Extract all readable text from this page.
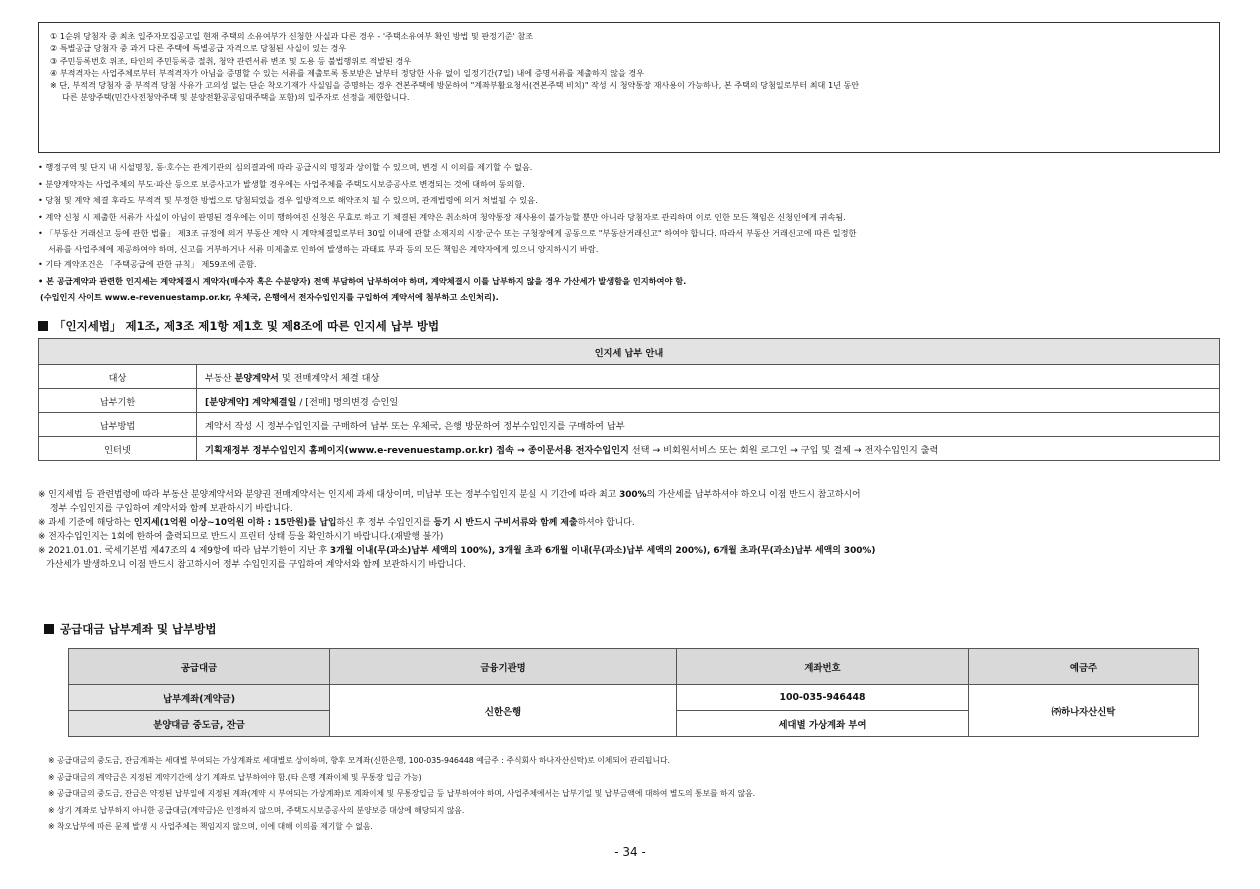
① 1순위 당첨자 중 최초 입주자모집공고일 현재 주택의 소유여부가 신청한 사실과 다른 경우 - '주택소유여부 확인 방법 및 판정기준' 참조
② 특별공급 당첨자 중 과거 다른 주택에 특별공급 자격으로 당첨된 사실이 있는 경우
③ 주민등록번호 위조, 타인의 주민등록증 절취, 청약 관련서류 변조 및 도용 등 불법행위로 적발된 경우
④ 부적격자는 사업주체로부터 부적격자가 아님을 증명할 수 있는 서류를 제출토록 통보받은 날부터 정당한 사유 없이 일정기간(7일) 내에 증명서류를 제출하지 않을 경우
※ 단, 부적격 당첨자 중 부적격 당첨 사유가 고의성 없는 단순 착오기재가 사실임을 증명하는 경우 견본주택에 방문하여 "계좌부활요청서(견본주택 비치)" 작성 시 청약통장 재사용이 가능하나, 본 주택의 당첨일로부터 최대 1년 동안
다른 분양주택(민간사전청약주택 및 분양전환공공임대주택을 포함)의 입주자로 선정을 제한합니다.
• 행정구역 및 단지 내 시설명칭, 동·호수는 관계기관의 심의결과에 따라 공급시의 명칭과 상이할 수 있으며, 변경 시 이의를 제기할 수 없음.
• 분양계약자는 사업주체의 부도·파산 등으로 보증사고가 발생할 경우에는 사업주체를 주택도시보증공사로 변경되는 것에 대하여 동의함.
• 당첨 및 계약 체결 후라도 부적격 및 부정한 방법으로 당첨되었을 경우 일방적으로 해약조치 될 수 있으며, 관계법령에 의거 처벌될 수 있음.
• 계약 신청 시 제출한 서류가 사실이 아님이 판명된 경우에는 이미 행하여진 신청은 무효로 하고 기 체결된 계약은 취소하며 청약통장 재사용이 불가능할 뿐만 아니라 당첨자로 관리하며 이로 인한 모든 책임은 신청인에게 귀속됨.
• 「부동산 거래신고 등에 관한 법률」 제3조 규정에 의거 부동산 계약 시 계약체결일로부터 30일 이내에 관할 소재지의 시장·군수 또는 구청장에게 공동으로 "부동산거래신고" 하여야 합니다. 따라서 부동산 거래신고에 따른 일정한
서류를 사업주체에 제공하여야 하며, 신고를 거부하거나 서류 미제출로 인하여 발생하는 과태료 부과 등의 모든 책임은 계약자에게 있으니 양지하시기 바람.
• 기타 계약조건은 「주택공급에 관한 규칙」 제59조에 준함.
• 본 공급계약과 관련한 인지세는 계약체결시 계약자(매수자 혹은 수분양자) 전액 부담하여 납부하여야 하며, 계약체결시 이를 납부하지 않을 경우 가산세가 발생함을 인지하여야 함.
(수입인지 사이트 www.e-revenuestamp.or.kr, 우체국, 은행에서 전자수입인지를 구입하여 계약서에 첨부하고 소인처리).
「인지세법」 제1조, 제3조 제1항 제1호 및 제8조에 따른 인지세 납부 방법
인지세 납부 안내	
대상	부동산 분양계약서 및 전매계약서 체결 대상
납부기한	[분양계약] 계약체결일 / [전매] 명의변경 승인일
납부방법	계약서 작성 시 정부수입인지를 구매하여 납부 또는 우체국, 은행 방문하여 정부수입인지를 구매하여 납부
인터넷	기획재정부 정부수입인지 홈페이지(www.e-revenuestamp.or.kr) 접속 → 종이문서용 전자수입인지 선택 → 비회원서비스 또는 회원 로그인 → 구입 및 결제 → 전자수입인지 출력
※ 인지세법 등 관련법령에 따라 부동산 분양계약서와 분양권 전매계약서는 인지세 과세 대상이며, 미납부 또는 정부수입인지 분실 시 기간에 따라 최고 300%의 가산세를 납부하셔야 하오니 이점 반드시 참고하시어
정부 수입인지를 구입하여 계약서와 함께 보관하시기 바랍니다.
※ 과세 기준에 해당하는 인지세(1억원 이상~10억원 이하 : 15만원)를 납입하신 후 정부 수입인지를 등기 시 반드시 구비서류와 함께 제출하셔야 합니다.
※ 전자수입인지는 1회에 한하여 출력되므로 반드시 프린터 상태 등을 확인하시기 바랍니다.(재발행 불가)
※ 2021.01.01. 국세기본법 제47조의 4 제9항에 따라 납부기한이 지난 후 3개월 이내(무(과소)납부 세액의 100%), 3개월 초과 6개월 이내(무(과소)납부 세액의 200%), 6개월 초과(무(과소)납부 세액의 300%)
가산세가 발생하오니 이점 반드시 참고하시어 정부 수입인지를 구입하여 계약서와 함께 보관하시기 바랍니다.
공급대금 납부계좌 및 납부방법
공급대금	금융기관명	계좌번호	예금주
납부계좌(계약금)	신한은행	100-035-946448	㈜하나자산신탁
분양대금 중도금, 잔금		세대별 가상계좌 부여	
※ 공급대금의 중도금, 잔금계좌는 세대별 부여되는 가상계좌로 세대별로 상이하며, 향후 모계좌(신한은행, 100-035-946448 예금주 : 주식회사 하나자산신탁)로 이체되어 관리됩니다.
※ 공급대금의 계약금은 지정된 계약기간에 상기 계좌로 납부하여야 함.(타 은행 계좌이체 및 무통장 입금 가능)
※ 공급대금의 중도금, 잔금은 약정된 납부일에 지정된 계좌(계약 시 부여되는 가상계좌)로 계좌이체 및 무통장입금 등 납부하여야 하며, 사업주체에서는 납부기일 및 납부금액에 대하여 별도의 통보를 하지 않음.
※ 상기 계좌로 납부하지 아니한 공급대금(계약금)은 인정하지 않으며, 주택도시보증공사의 분양보증 대상에 해당되지 않음.
※ 착오납부에 따른 문제 발생 시 사업주체는 책임지지 않으며, 이에 대해 이의를 제기할 수 없음.
- 34 -
